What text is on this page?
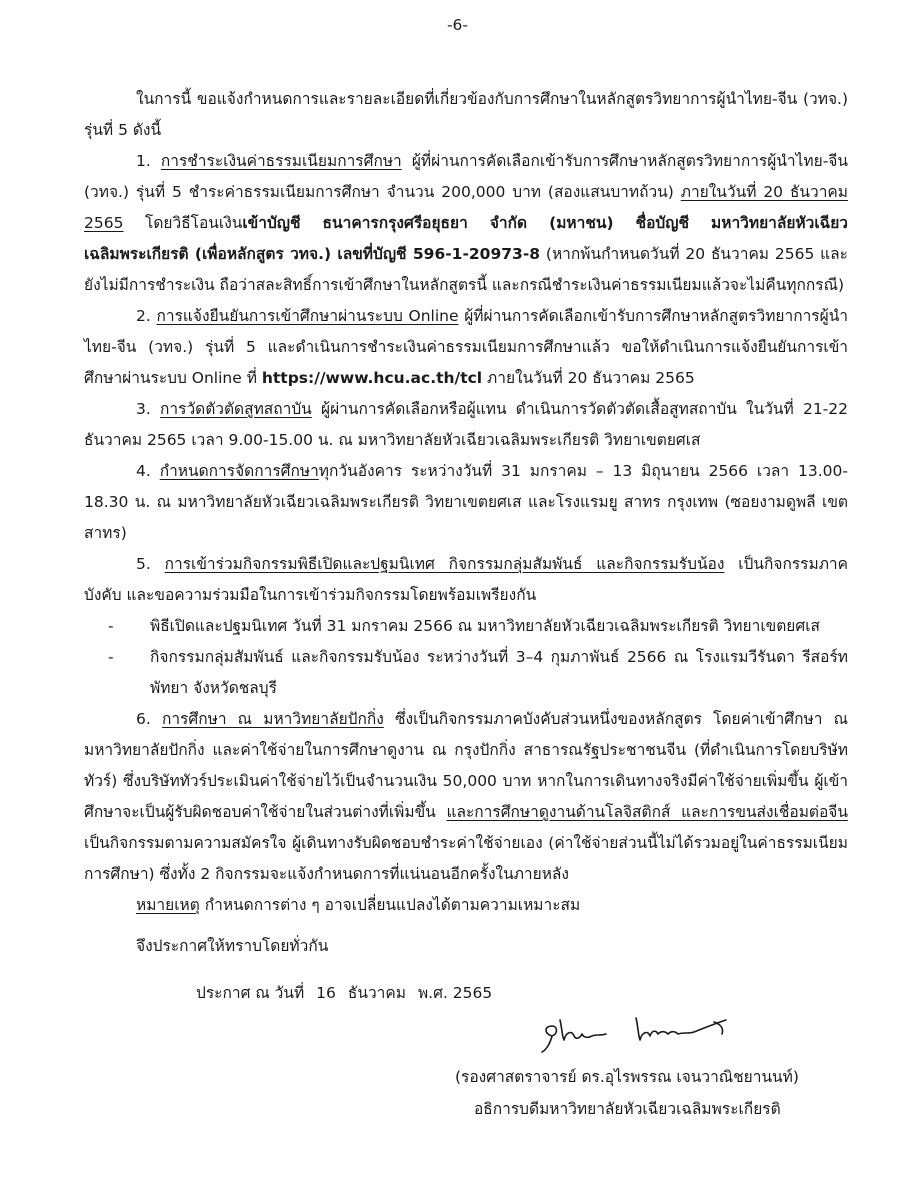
-6-

ในการนี้ ขอแจ้งกำหนดการและรายละเอียดที่เกี่ยวข้องกับการศึกษาในหลักสูตรวิทยาการผู้นำไทย-จีน (วทจ.) รุ่นที่ 5 ดังนี้

1. การชำระเงินค่าธรรมเนียมการศึกษา ผู้ที่ผ่านการคัดเลือกเข้ารับการศึกษาหลักสูตรวิทยาการผู้นำไทย-จีน (วทจ.) รุ่นที่ 5 ชำระค่าธรรมเนียมการศึกษา จำนวน 200,000 บาท (สองแสนบาทถ้วน) ภายในวันที่ 20 ธันวาคม 2565 โดยวิธีโอนเงินเข้าบัญชี ธนาคารกรุงศรีอยุธยา จำกัด (มหาชน) ชื่อบัญชี มหาวิทยาลัยหัวเฉียวเฉลิมพระเกียรติ (เพื่อหลักสูตร วทจ.) เลขที่บัญชี 596-1-20973-8 (หากพ้นกำหนดวันที่ 20 ธันวาคม 2565 และยังไม่มีการชำระเงิน ถือว่าสละสิทธิ์การเข้าศึกษาในหลักสูตรนี้ และกรณีชำระเงินค่าธรรมเนียมแล้วจะไม่คืนทุกกรณี)

2. การแจ้งยืนยันการเข้าศึกษาผ่านระบบ Online ผู้ที่ผ่านการคัดเลือกเข้ารับการศึกษาหลักสูตรวิทยาการผู้นำไทย-จีน (วทจ.) รุ่นที่ 5 และดำเนินการชำระเงินค่าธรรมเนียมการศึกษาแล้ว ขอให้ดำเนินการแจ้งยืนยันการเข้าศึกษาผ่านระบบ Online ที่ https://www.hcu.ac.th/tcl ภายในวันที่ 20 ธันวาคม 2565

3. การวัดตัวตัดสูทสถาบัน ผู้ผ่านการคัดเลือกหรือผู้แทน ดำเนินการวัดตัวตัดเสื้อสูทสถาบัน ในวันที่ 21-22 ธันวาคม 2565 เวลา 9.00-15.00 น. ณ มหาวิทยาลัยหัวเฉียวเฉลิมพระเกียรติ วิทยาเขตยศเส

4. กำหนดการจัดการศึกษาทุกวันอังคาร ระหว่างวันที่ 31 มกราคม – 13 มิถุนายน 2566 เวลา 13.00-18.30 น. ณ มหาวิทยาลัยหัวเฉียวเฉลิมพระเกียรติ วิทยาเขตยศเส และโรงแรมยู สาทร กรุงเทพ (ซอยงามดูพลี เขตสาทร)

5. การเข้าร่วมกิจกรรมพิธีเปิดและปฐมนิเทศ กิจกรรมกลุ่มสัมพันธ์ และกิจกรรมรับน้อง เป็นกิจกรรมภาคบังคับ และขอความร่วมมือในการเข้าร่วมกิจกรรมโดยพร้อมเพรียงกัน

- พิธีเปิดและปฐมนิเทศ วันที่ 31 มกราคม 2566 ณ มหาวิทยาลัยหัวเฉียวเฉลิมพระเกียรติ วิทยาเขตยศเส
- กิจกรรมกลุ่มสัมพันธ์ และกิจกรรมรับน้อง ระหว่างวันที่ 3–4 กุมภาพันธ์ 2566 ณ โรงแรมวีรันดา รีสอร์ท พัทยา จังหวัดชลบุรี

6. การศึกษา ณ มหาวิทยาลัยปักกิ่ง ซึ่งเป็นกิจกรรมภาคบังคับส่วนหนึ่งของหลักสูตร โดยค่าเข้าศึกษา ณ มหาวิทยาลัยปักกิ่ง และค่าใช้จ่ายในการศึกษาดูงาน ณ กรุงปักกิ่ง สาธารณรัฐประชาชนจีน (ที่ดำเนินการโดยบริษัททัวร์) ซึ่งบริษัททัวร์ประเมินค่าใช้จ่ายไว้เป็นจำนวนเงิน 50,000 บาท หากในการเดินทางจริงมีค่าใช้จ่ายเพิ่มขึ้น ผู้เข้าศึกษาจะเป็นผู้รับผิดชอบค่าใช้จ่ายในส่วนต่างที่เพิ่มขึ้น และการศึกษาดูงานด้านโลจิสติกส์ และการขนส่งเชื่อมต่อจีน เป็นกิจกรรมตามความสมัครใจ ผู้เดินทางรับผิดชอบชำระค่าใช้จ่ายเอง (ค่าใช้จ่ายส่วนนี้ไม่ได้รวมอยู่ในค่าธรรมเนียมการศึกษา) ซึ่งทั้ง 2 กิจกรรมจะแจ้งกำหนดการที่แน่นอนอีกครั้งในภายหลัง

หมายเหตุ กำหนดการต่าง ๆ อาจเปลี่ยนแปลงได้ตามความเหมาะสม

จึงประกาศให้ทราบโดยทั่วกัน

ประกาศ ณ วันที่ 16 ธันวาคม พ.ศ. 2565

(รองศาสตราจารย์ ดร.อุไรพรรณ เจนวาณิชยานนท์)
อธิการบดีมหาวิทยาลัยหัวเฉียวเฉลิมพระเกียรติ
